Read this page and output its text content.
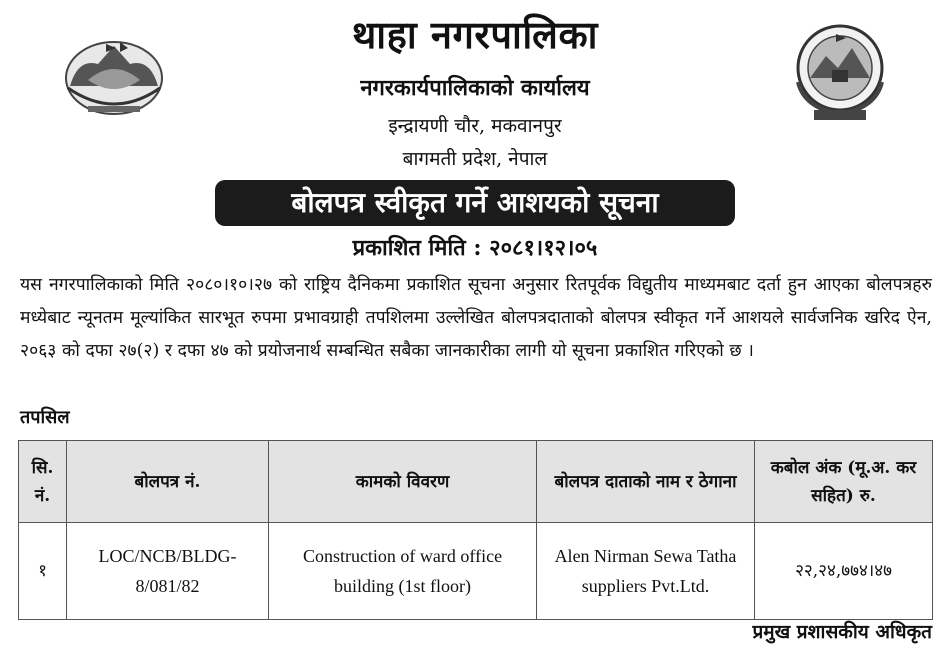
थाहा नगरपालिका
नगरकार्यपालिकाको कार्यालय
इन्द्रायणी चौर, मकवानपुर
बागमती प्रदेश, नेपाल
बोलपत्र स्वीकृत गर्ने आशयको सूचना
प्रकाशित मिति : २०८१।१२।०५
यस नगरपालिकाको मिति २०८०।१०।२७ को राष्ट्रिय दैनिकमा प्रकाशित सूचना अनुसार रितपूर्वक विद्युतीय माध्यमबाट दर्ता हुन आएका बोलपत्रहरु मध्येबाट न्यूनतम मूल्यांकित सारभूत रुपमा प्रभावग्राही तपशिलमा उल्लेखित बोलपत्रदाताको बोलपत्र स्वीकृत गर्ने आशयले सार्वजनिक खरिद ऐन, २०६३ को दफा २७(२) र दफा ४७ को प्रयोजनार्थ सम्बन्धित सबैका जानकारीका लागी यो सूचना प्रकाशित गरिएको छ ।
तपसिल
सि. नं.	बोलपत्र नं.	कामको विवरण	बोलपत्र दाताको नाम र ठेगाना	कबोल अंक (मू.अ. कर सहित) रु.
१	LOC/NCB/BLDG-8/081/82	Construction of ward office building (1st floor)	Alen Nirman Sewa Tatha suppliers Pvt.Ltd.	२२,२४,७७४।४७
प्रमुख प्रशासकीय अधिकृत
